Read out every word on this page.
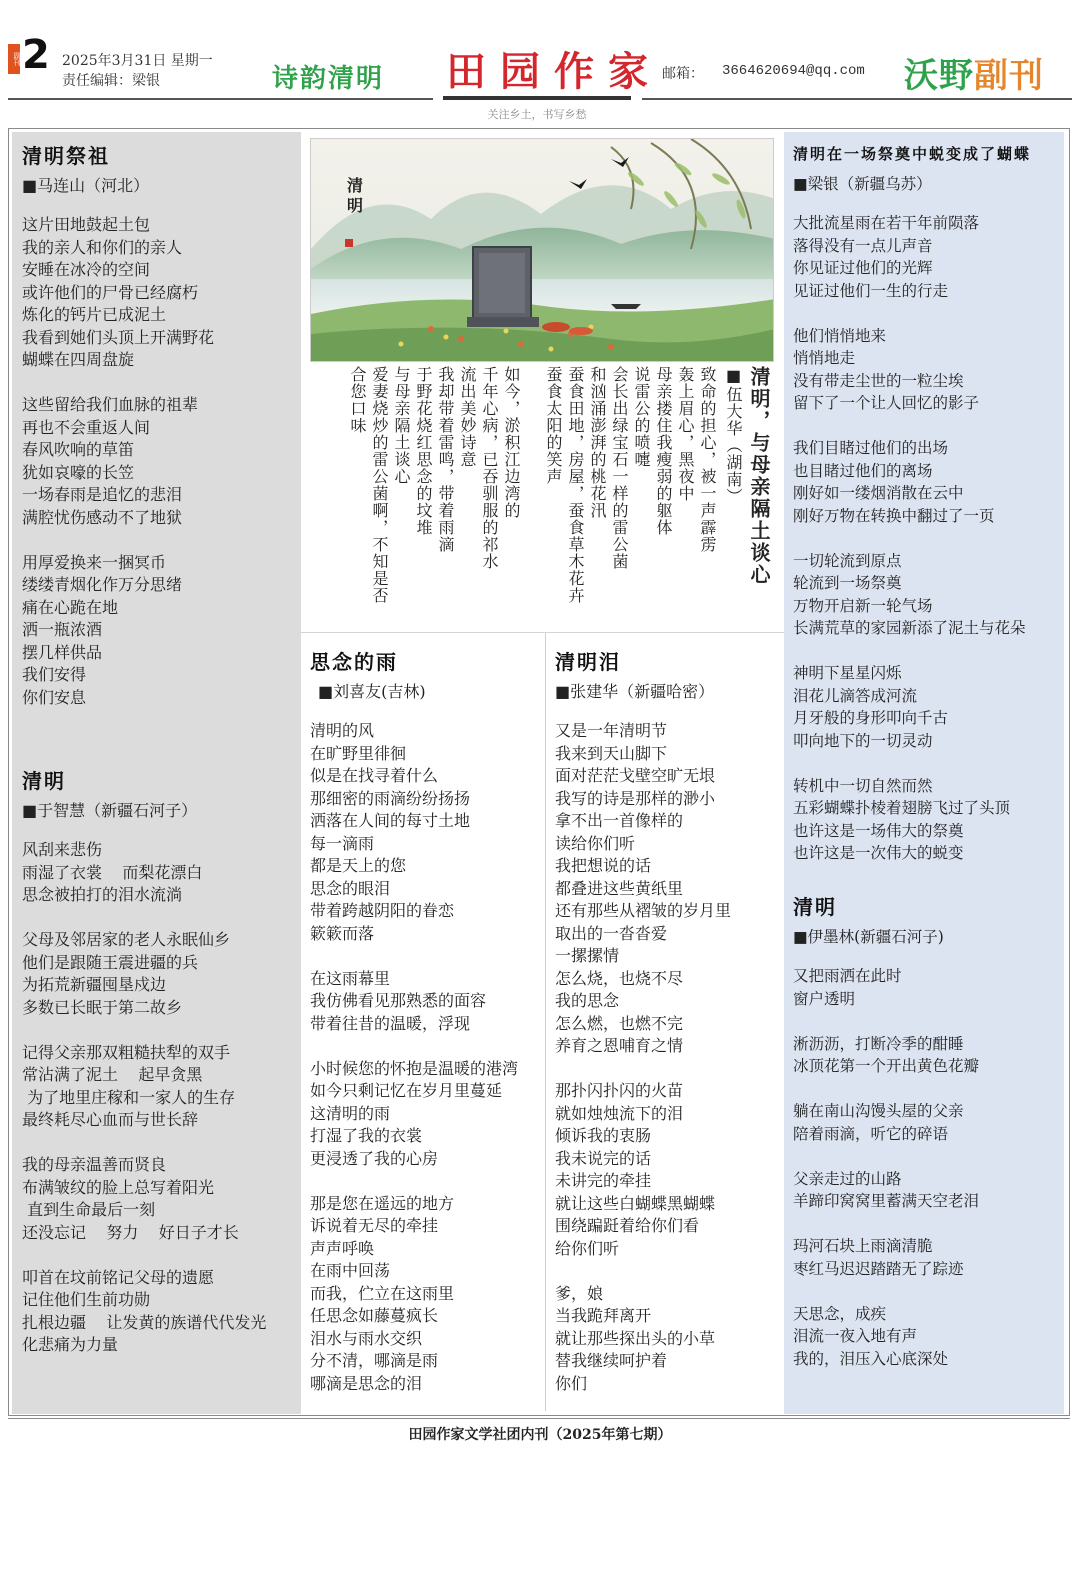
副刊 2 2025年3月31日 星期一
责任编辑：梁银	诗韵清明 田园作家
关注乡土，书写乡愁
邮箱： 3664620694@qq.com 沃野副刊
清明祭祖
■马连山（河北）
这片田地鼓起土包
我的亲人和你们的亲人
安睡在冰冷的空间
或许他们的尸骨已经腐朽
炼化的钙片已成泥土
我看到她们头顶上开满野花
蝴蝶在四周盘旋
这些留给我们血脉的祖辈
再也不会重返人间
春风吹响的草笛
犹如哀嚎的长笠
一场春雨是追忆的悲泪
满腔忧伤感动不了地狱
用厚爱换来一捆冥币
缕缕青烟化作万分思绪
痛在心跪在地
洒一瓶浓酒
摆几样供品
我们安得
你们安息
清明
■于智慧（新疆石河子）
风刮来悲伤
雨湿了衣裳    而梨花漂白
思念被拍打的泪水流淌
父母及邻居家的老人永眠仙乡
他们是跟随王震进疆的兵
为拓荒新疆囤垦戍边
多数已长眠于第二故乡
记得父亲那双粗糙扶犁的双手
常沾满了泥土    起早贪黑
为了地里庄稼和一家人的生存
最终耗尽心血而与世长辞
我的母亲温善而贤良
布满皱纹的脸上总写着阳光
直到生命最后一刻
还没忘记    努力    好日子才长
叩首在坟前铭记父母的遗愿
记住他们生前功勋
扎根边疆    让发黄的族谱代代发光
化悲痛为力量
清
明
清明，与母亲隔土谈心
■伍大华（湖南）
致命的担心，被一声霹雳
轰上眉心，黑夜中
母亲搂住我瘦弱的躯体
说雷公的喷嚏
会长出绿宝石一样的雷公菌
和汹涌澎湃的桃花汛
蚕食田地，房屋，蚕食草木花卉
蚕食太阳的笑声
如今，淤积江边湾的
千年心病，已吞驯服的祁水
流出美妙诗意
我却带着雷鸣，带着雨滴
于野花烧红思念的坟堆
与母亲隔土谈心
爱妻烧炒的雷公菌啊，不知是否
合您口味
思念的雨
■刘喜友(吉林)
清明的风
在旷野里徘徊
似是在找寻着什么
那细密的雨滴纷纷扬扬
洒落在人间的每寸土地
每一滴雨
都是天上的您
思念的眼泪
带着跨越阴阳的眷恋
簌簌而落
在这雨幕里
我仿佛看见那熟悉的面容
带着往昔的温暖，浮现
小时候您的怀抱是温暖的港湾
如今只剩记忆在岁月里蔓延
这清明的雨
打湿了我的衣裳
更浸透了我的心房
那是您在遥远的地方
诉说着无尽的牵挂
声声呼唤
在雨中回荡
而我，伫立在这雨里
任思念如藤蔓疯长
泪水与雨水交织
分不清，哪滴是雨
哪滴是思念的泪
清明泪
■张建华（新疆哈密）
又是一年清明节
我来到天山脚下
面对茫茫戈壁空旷无垠
我写的诗是那样的渺小
拿不出一首像样的
读给你们听
我把想说的话
都叠进这些黄纸里
还有那些从褶皱的岁月里
取出的一沓沓爱
一摞摞情
怎么烧，也烧不尽
我的思念
怎么燃，也燃不完
养育之恩哺育之情
那扑闪扑闪的火苗
就如烛烛流下的泪
倾诉我的衷肠
我未说完的话
未讲完的牵挂
就让这些白蝴蝶黑蝴蝶
围绕蹁跹着给你们看
给你们听
爹，娘
当我跪拜离开
就让那些探出头的小草
替我继续呵护着
你们
清明在一场祭奠中蜕变成了蝴蝶
■梁银（新疆乌苏）
大批流星雨在若干年前陨落
落得没有一点儿声音
你见证过他们的光辉
见证过他们一生的行走
他们悄悄地来
悄悄地走
没有带走尘世的一粒尘埃
留下了一个让人回忆的影子
我们目睹过他们的出场
也目睹过他们的离场
刚好如一缕烟消散在云中
刚好万物在转换中翻过了一页
一切轮流到原点
轮流到一场祭奠
万物开启新一轮气场
长满荒草的家园新添了泥土与花朵
神明下星星闪烁
泪花儿滴答成河流
月牙般的身形叩向千古
叩向地下的一切灵动
转机中一切自然而然
五彩蝴蝶扑棱着翅膀飞过了头顶
也许这是一场伟大的祭奠
也许这是一次伟大的蜕变
清明
■伊墨林(新疆石河子)
又把雨洒在此时
窗户透明
淅沥沥，打断冷季的酣睡
冰顶花第一个开出黄色花瓣
躺在南山沟馒头屋的父亲
陪着雨滴，听它的碎语
父亲走过的山路
羊蹄印窝窝里蓄满天空老泪
玛河石块上雨滴清脆
枣红马迟迟踏踏无了踪迹
天思念，成疾
泪流一夜入地有声
我的，泪压入心底深处
田园作家文学社团内刊（2025年第七期）
